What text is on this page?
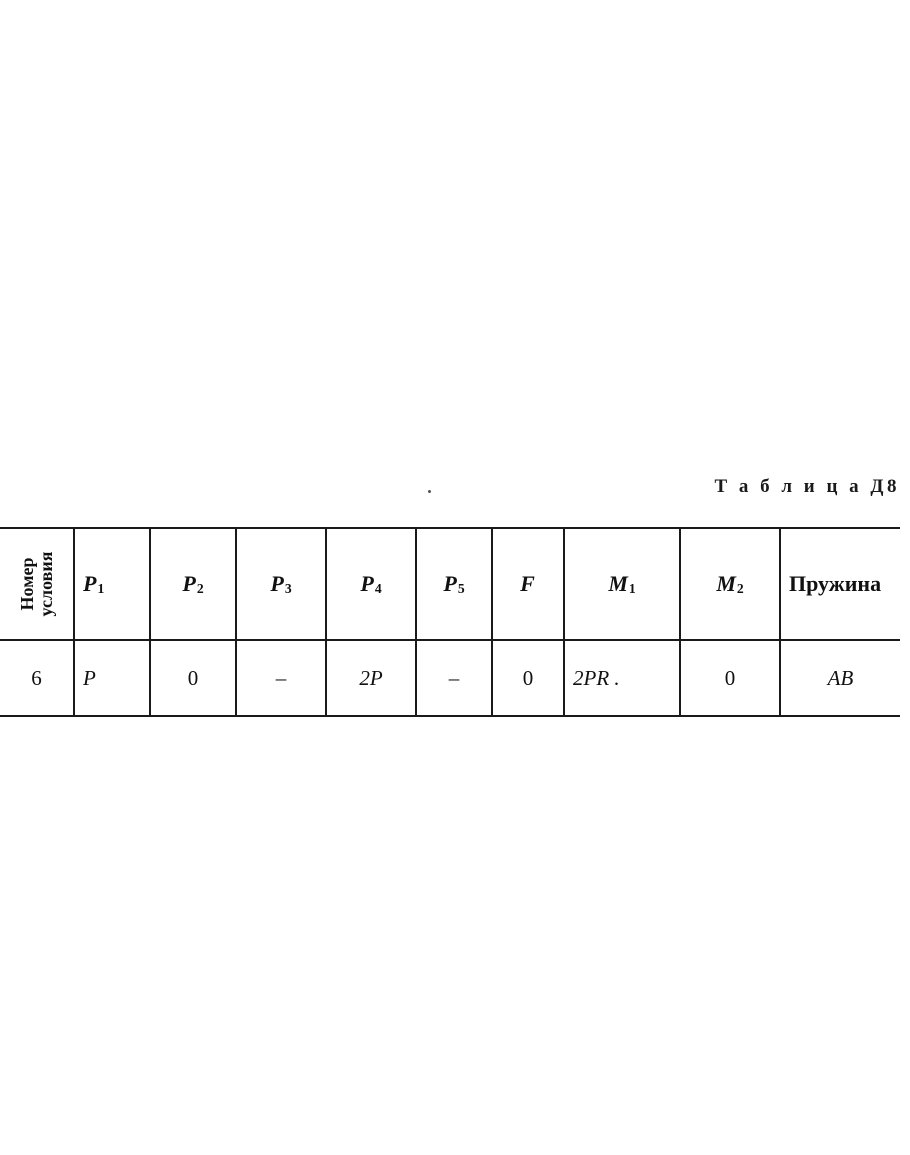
Т а б л и ц а Д8
Номер
условия	$P_1$	$P_2$	$P_3$	$P_4$	$P_5$	F	$M_1$	$M_2$	Пружина
6	P	0	–	2P	–	0	2PR .	0	AB
